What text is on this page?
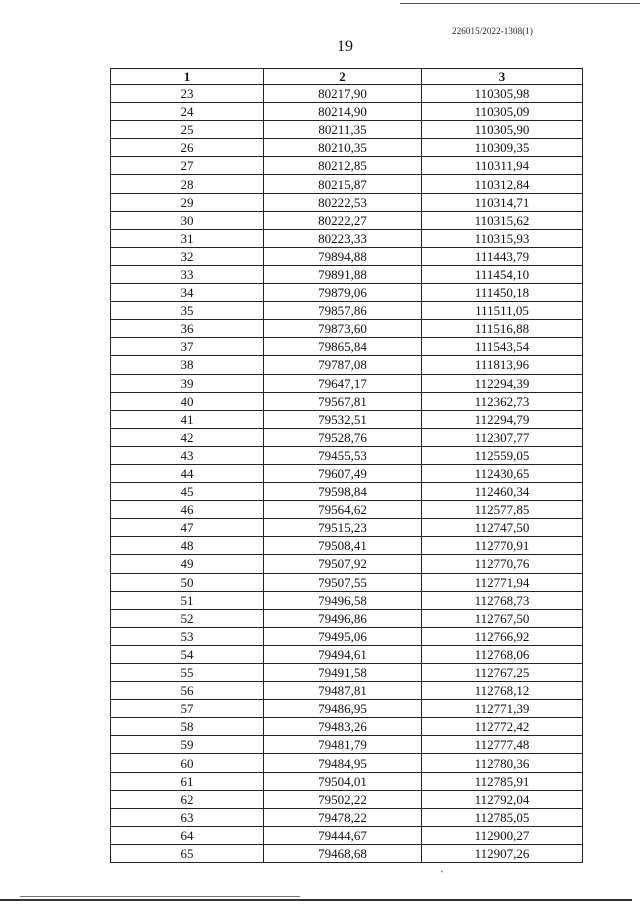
226015/2022-1308(1)
19
1	2	3
23	80217,90	110305,98
24	80214,90	110305,09
25	80211,35	110305,90
26	80210,35	110309,35
27	80212,85	110311,94
28	80215,87	110312,84
29	80222,53	110314,71
30	80222,27	110315,62
31	80223,33	110315,93
32	79894,88	111443,79
33	79891,88	111454,10
34	79879,06	111450,18
35	79857,86	111511,05
36	79873,60	111516,88
37	79865,84	111543,54
38	79787,08	111813,96
39	79647,17	112294,39
40	79567,81	112362,73
41	79532,51	112294,79
42	79528,76	112307,77
43	79455,53	112559,05
44	79607,49	112430,65
45	79598,84	112460,34
46	79564,62	112577,85
47	79515,23	112747,50
48	79508,41	112770,91
49	79507,92	112770,76
50	79507,55	112771,94
51	79496,58	112768,73
52	79496,86	112767,50
53	79495,06	112766,92
54	79494,61	112768,06
55	79491,58	112767,25
56	79487,81	112768,12
57	79486,95	112771,39
58	79483,26	112772,42
59	79481,79	112777,48
60	79484,95	112780,36
61	79504,01	112785,91
62	79502,22	112792,04
63	79478,22	112785,05
64	79444,67	112900,27
65	79468,68	112907,26
`
